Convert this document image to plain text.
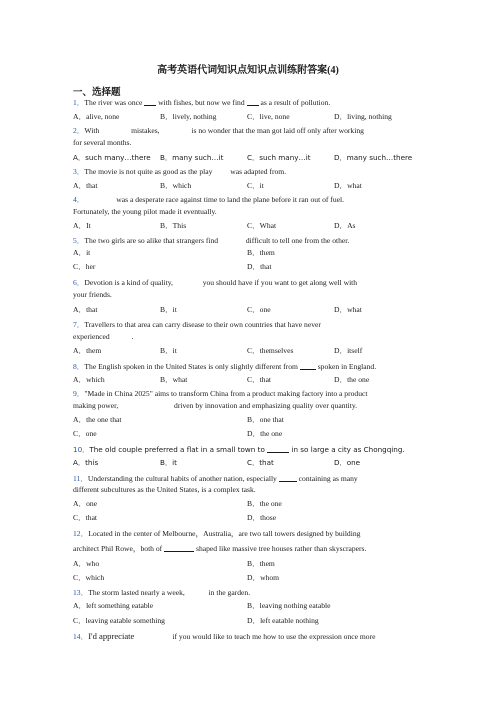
高考英语代词知识点知识点训练附答案(4)
一、选择题
1．The river was once  with fishes, but now we find  as a result of pollution.
A．alive, none	B．lively, nothing	C．live, none	D．living, nothing
2．With	mistakes,	is no wonder that the man got laid off only after working
for several months.
A．such many…there B．many such…it	C．such many…it	D．many such…there
3．The movie is not quite as good as the play  was adapted from.
A．that	B．which	C．it	D．what
4．	was a desperate race against time to land the plane before it ran out of fuel.
Fortunately, the young pilot made it eventually.
A．It	B．This	C．What	D．As
5．The two girls are so alike that strangers find	difficult to tell one from the other.
A．it	B．them
C．her	D．that
6．Devotion is a kind of quality,	you should have if you want to get along well with
your friends.
A．that	B．it	C．one	D．what
7．Travellers to that area can carry disease to their own countries that have never
experienced	.
A．them	B．it	C．themselves	D．itself
8．The English spoken in the United States is only slightly different from  spoken in England.
A．which	B．what	C．that	D．the one
9．"Made in China 2025" aims to transform China from a product making factory into a product
making power,	driven by innovation and emphasizing quality over quantity.
A．the one that	B．one that
C．one	D．the one
10．The old couple preferred a flat in a small town to	in so large a city as Chongqing.
A．this	B．it	C．that	D．one
11．Understanding the cultural habits of another nation, especially  containing as many
different subcultures as the United States, is a complex task.
A．one	B．the one
C．that	D．those
12．Located in the center of Melbourne，Australia，are two tall towers designed by building
architect Phil Rowe，both of	shaped like massive tree houses rather than skyscrapers.
A．who	B．them
C．which	D．whom
13．The storm lasted nearly a week,	in the garden.
A．left something eatable	B．leaving nothing eatable
C．leaving eatable something	D．left eatable nothing
14．I'd appreciate	if you would like to teach me how to use the expression once more
